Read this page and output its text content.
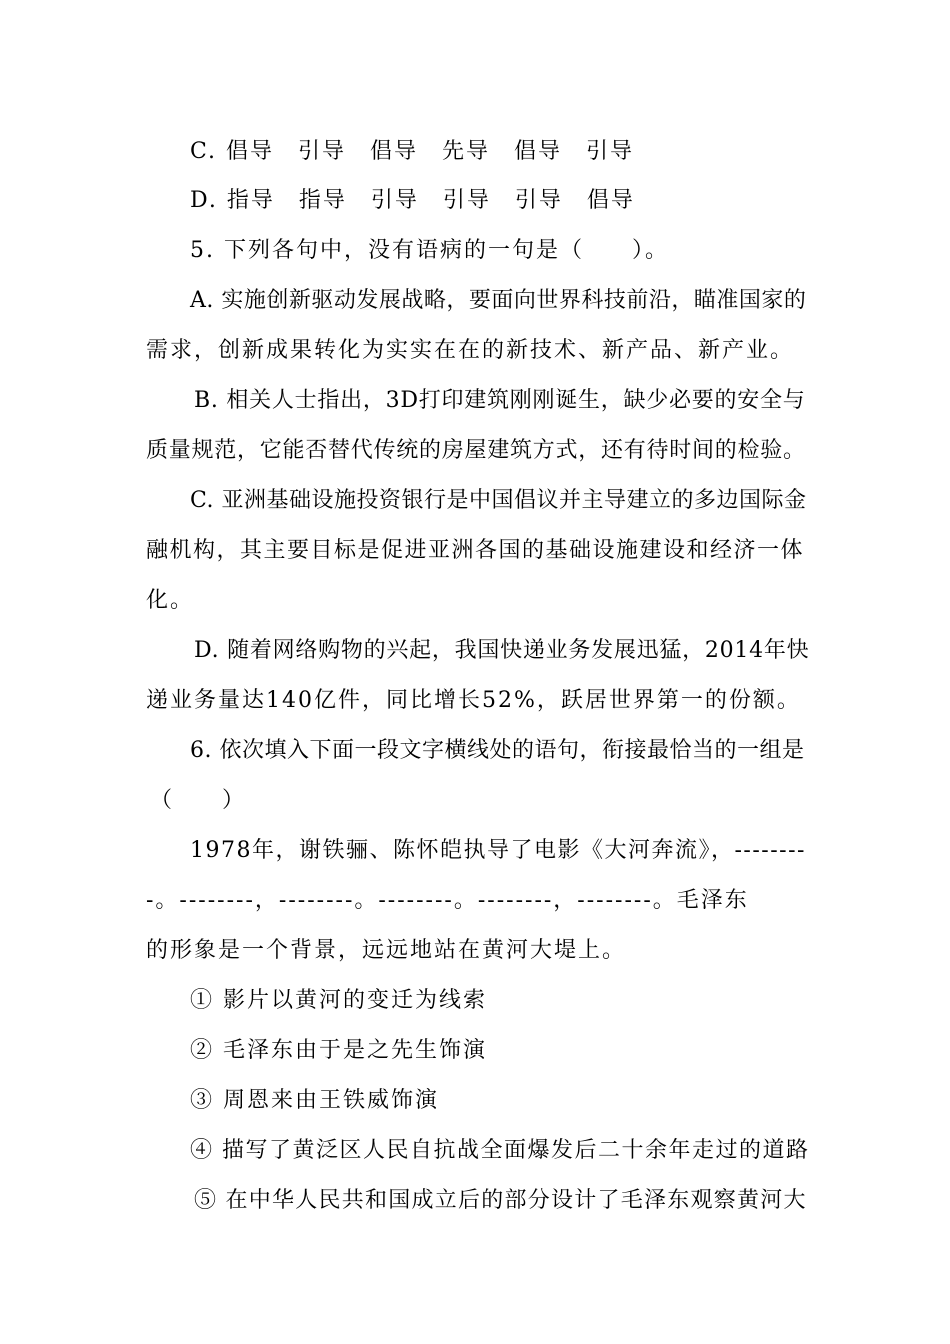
C. 倡导　引导　倡导　先导　倡导　引导
D. 指导　指导　引导　引导　引导　倡导
5. 下列各句中，没有语病的一句是（　　）。
A. 实施创新驱动发展战略，要面向世界科技前沿，瞄准国家的
需求，创新成果转化为实实在在的新技术、新产品、新产业。
B. 相关人士指出，3D打印建筑刚刚诞生，缺少必要的安全与
质量规范，它能否替代传统的房屋建筑方式，还有待时间的检验。
C. 亚洲基础设施投资银行是中国倡议并主导建立的多边国际金
融机构，其主要目标是促进亚洲各国的基础设施建设和经济一体
化。
D. 随着网络购物的兴起，我国快递业务发展迅猛，2014年快
递业务量达140亿件，同比增长52%，跃居世界第一的份额。
6. 依次填入下面一段文字横线处的语句，衔接最恰当的一组是
（　　）
1978年，谢铁骊、陈怀皑执导了电影《大河奔流》，--------
-。--------，--------。--------。--------，--------。毛泽东
的形象是一个背景，远远地站在黄河大堤上。
① 影片以黄河的变迁为线索
② 毛泽东由于是之先生饰演
③ 周恩来由王铁威饰演
④ 描写了黄泛区人民自抗战全面爆发后二十余年走过的道路
⑤ 在中华人民共和国成立后的部分设计了毛泽东观察黄河大
